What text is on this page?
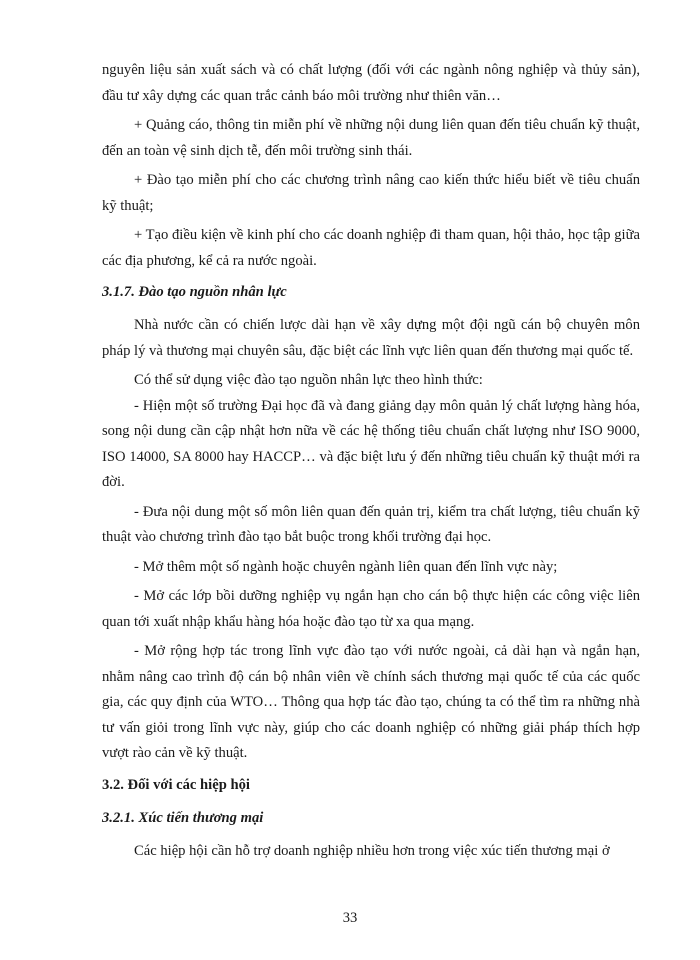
nguyên liệu sản xuất sách và có chất lượng (đối với các ngành nông nghiệp và thủy sản), đầu tư xây dựng các quan trắc cảnh báo môi trường như thiên văn…

+ Quảng cáo, thông tin miễn phí về những nội dung liên quan đến tiêu chuẩn kỹ thuật, đến an toàn vệ sinh dịch tễ, đến môi trường sinh thái.

+ Đào tạo miễn phí cho các chương trình nâng cao kiến thức hiểu biết về tiêu chuẩn kỹ thuật;

+ Tạo điều kiện về kinh phí cho các doanh nghiệp đi tham quan, hội thảo, học tập giữa các địa phương, kể cả ra nước ngoài.

3.1.7. Đào tạo nguồn nhân lực

Nhà nước cần có chiến lược dài hạn về xây dựng một đội ngũ cán bộ chuyên môn pháp lý và thương mại chuyên sâu, đặc biệt các lĩnh vực liên quan đến thương mại quốc tế.

Có thể sử dụng việc đào tạo nguồn nhân lực theo hình thức:

- Hiện một số trường Đại học đã và đang giảng dạy môn quản lý chất lượng hàng hóa, song nội dung cần cập nhật hơn nữa về các hệ thống tiêu chuẩn chất lượng như ISO 9000, ISO 14000, SA 8000 hay HACCP… và đặc biệt lưu ý đến những tiêu chuẩn kỹ thuật mới ra đời.

- Đưa nội dung một số môn liên quan đến quản trị, kiểm tra chất lượng, tiêu chuẩn kỹ thuật vào chương trình đào tạo bắt buộc trong khối trường đại học.

- Mở thêm một số ngành hoặc chuyên ngành liên quan đến lĩnh vực này;

- Mở các lớp bồi dưỡng nghiệp vụ ngắn hạn cho cán bộ thực hiện các công việc liên quan tới xuất nhập khẩu hàng hóa hoặc đào tạo từ xa qua mạng.

- Mở rộng hợp tác trong lĩnh vực đào tạo với nước ngoài, cả dài hạn và ngắn hạn, nhằm nâng cao trình độ cán bộ nhân viên về chính sách thương mại quốc tế của các quốc gia, các quy định của WTO… Thông qua hợp tác đào tạo, chúng ta có thể tìm ra những nhà tư vấn giỏi trong lĩnh vực này, giúp cho các doanh nghiệp có những giải pháp thích hợp vượt rào cản về kỹ thuật.

3.2. Đối với các hiệp hội
3.2.1. Xúc tiến thương mại

Các hiệp hội cần hỗ trợ doanh nghiệp nhiều hơn trong việc xúc tiến thương mại ở

33
